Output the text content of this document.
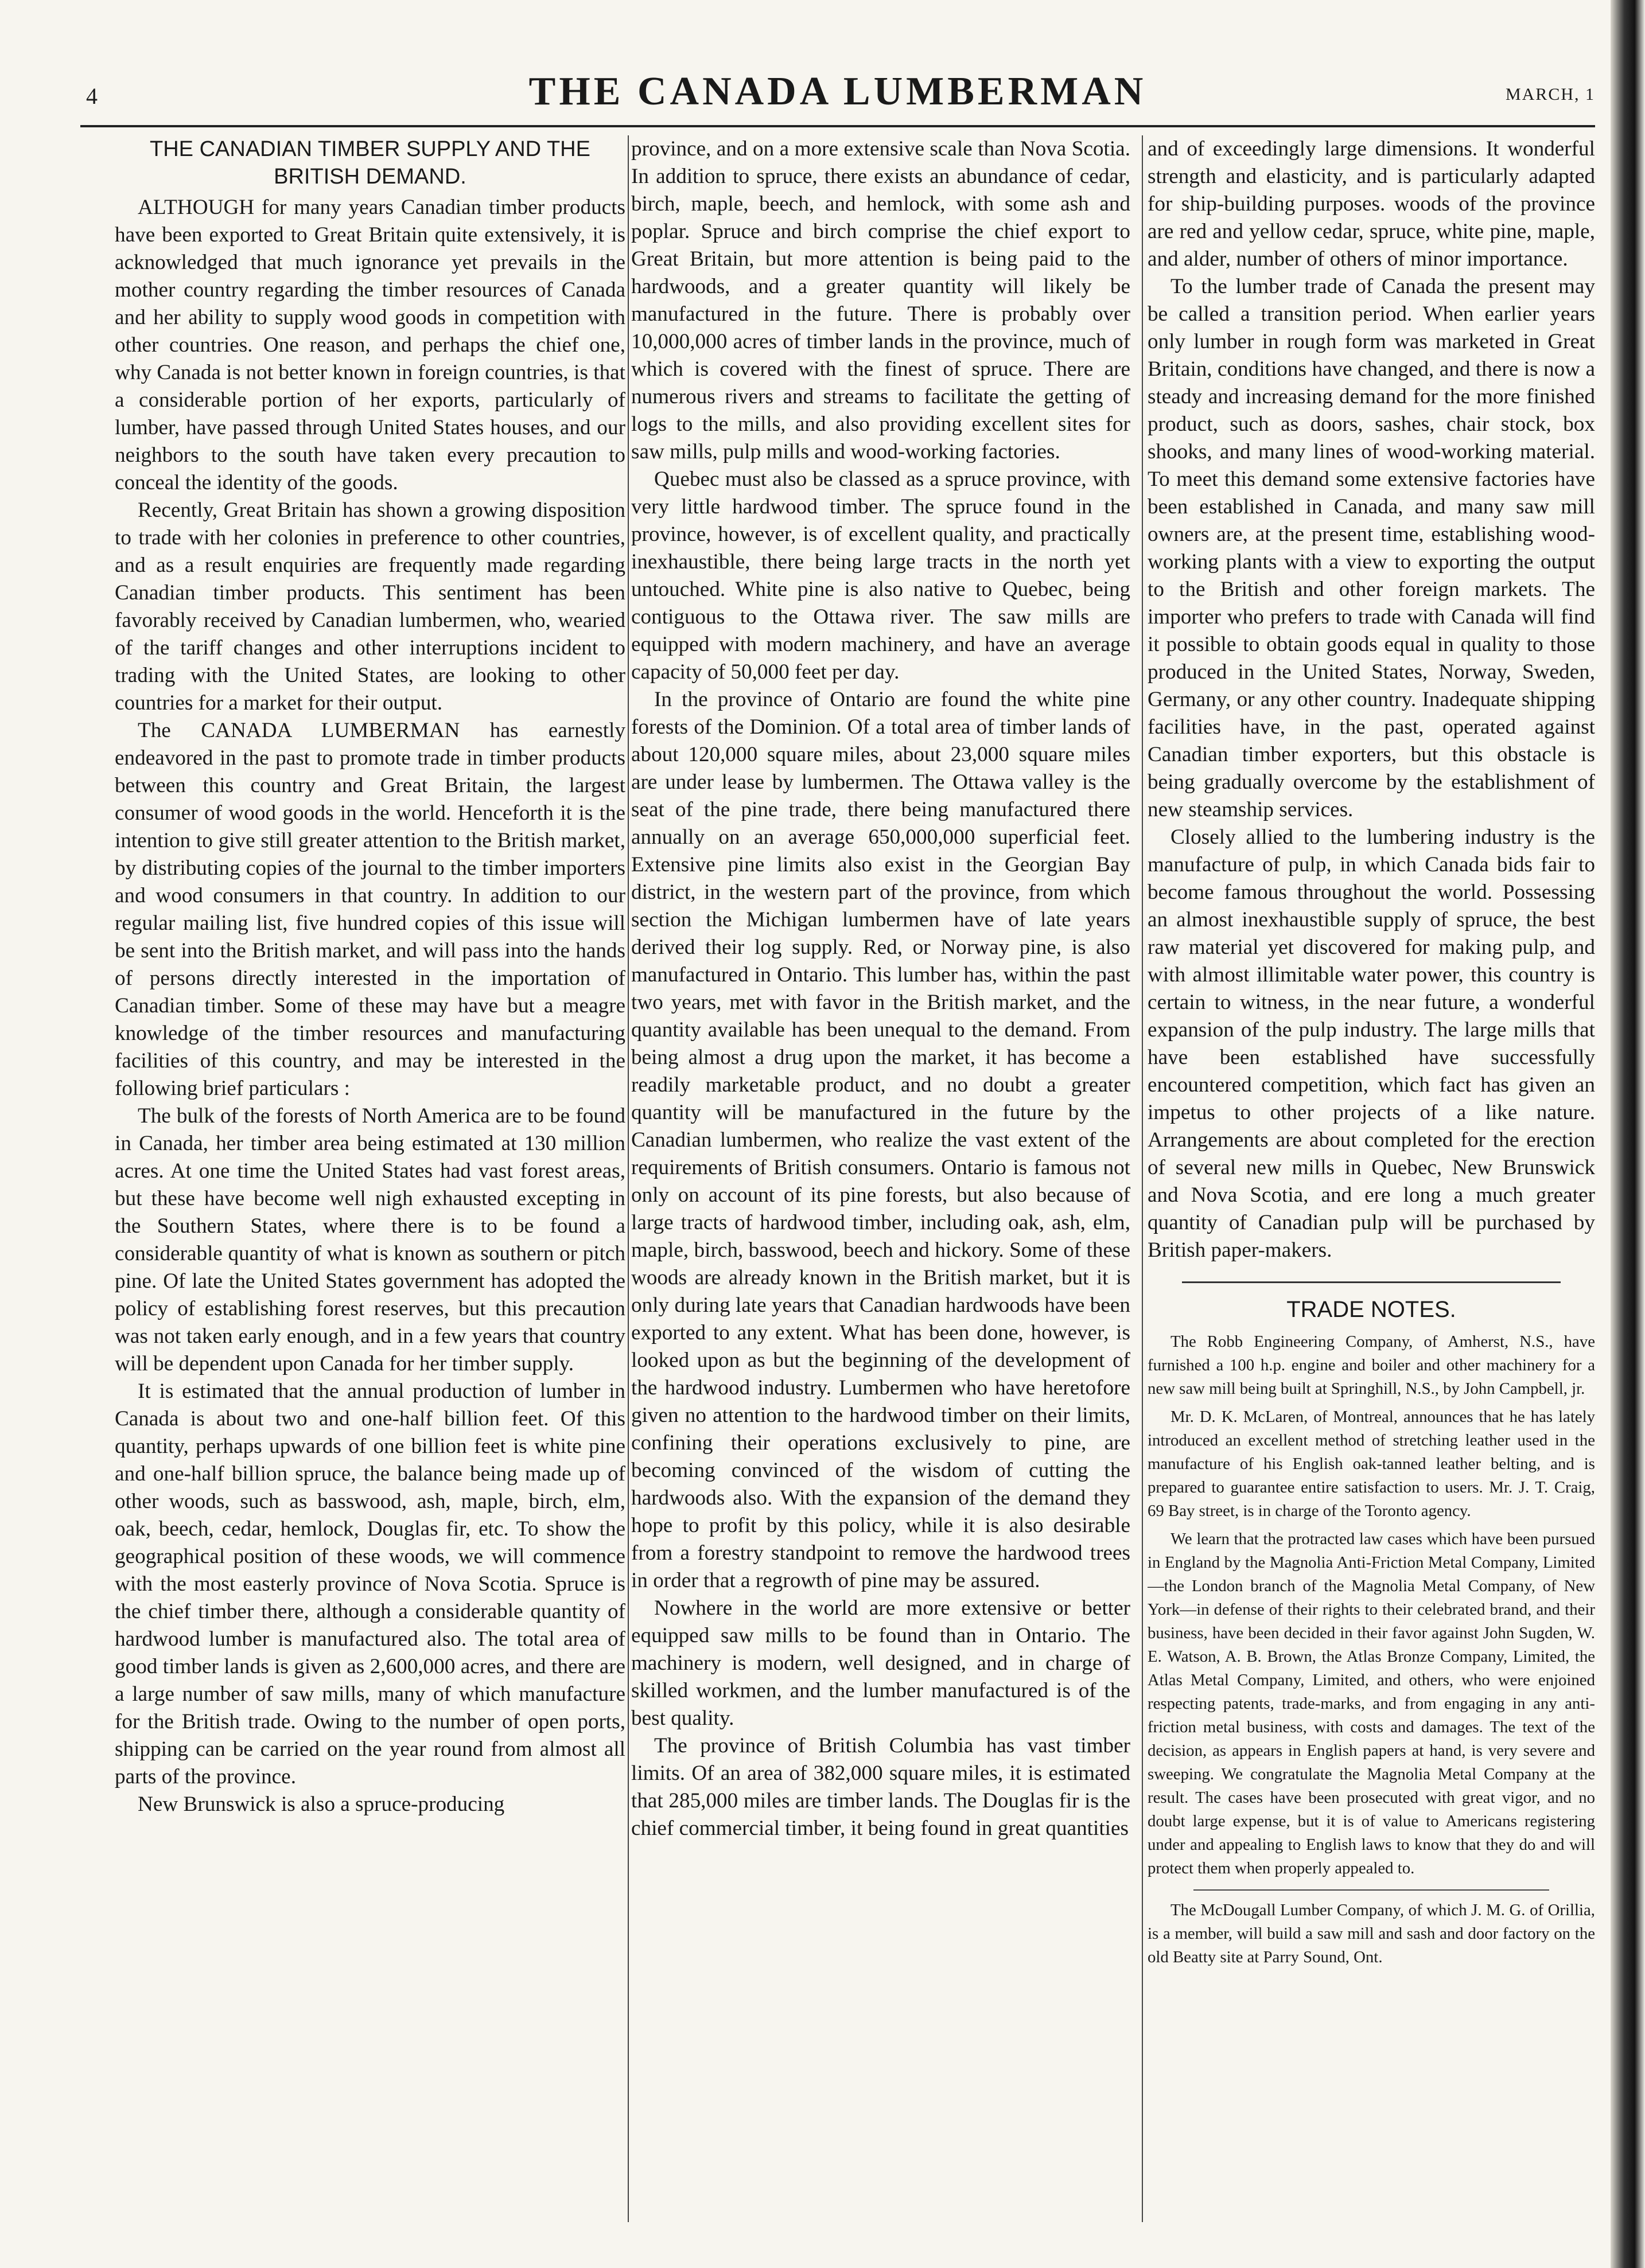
4	THE CANADA LUMBERMAN	MARCH, 1
THE CANADIAN TIMBER SUPPLY AND THE BRITISH DEMAND.

ALTHOUGH for many years Canadian timber products have been exported to Great Britain quite extensively, it is acknowledged that much ignorance yet prevails in the mother country regarding the timber resources of Canada and her ability to supply wood goods in competition with other countries. One reason, and perhaps the chief one, why Canada is not better known in foreign countries, is that a considerable portion of her exports, particularly of lumber, have passed through United States houses, and our neighbors to the south have taken every precaution to conceal the identity of the goods.

Recently, Great Britain has shown a growing disposition to trade with her colonies in preference to other countries, and as a result enquiries are frequently made regarding Canadian timber products. This sentiment has been favorably received by Canadian lumbermen, who, wearied of the tariff changes and other interruptions incident to trading with the United States, are looking to other countries for a market for their output.

The CANADA LUMBERMAN has earnestly endeavored in the past to promote trade in timber products between this country and Great Britain, the largest consumer of wood goods in the world. Henceforth it is the intention to give still greater attention to the British market, by distributing copies of the journal to the timber importers and wood consumers in that country. In addition to our regular mailing list, five hundred copies of this issue will be sent into the British market, and will pass into the hands of persons directly interested in the importation of Canadian timber. Some of these may have but a meagre knowledge of the timber resources and manufacturing facilities of this country, and may be interested in the following brief particulars :

The bulk of the forests of North America are to be found in Canada, her timber area being estimated at 130 million acres. At one time the United States had vast forest areas, but these have become well nigh exhausted excepting in the Southern States, where there is to be found a considerable quantity of what is known as southern or pitch pine. Of late the United States government has adopted the policy of establishing forest reserves, but this precaution was not taken early enough, and in a few years that country will be dependent upon Canada for her timber supply.

It is estimated that the annual production of lumber in Canada is about two and one-half billion feet. Of this quantity, perhaps upwards of one billion feet is white pine and one-half billion spruce, the balance being made up of other woods, such as basswood, ash, maple, birch, elm, oak, beech, cedar, hemlock, Douglas fir, etc. To show the geographical position of these woods, we will commence with the most easterly province of Nova Scotia. Spruce is the chief timber there, although a considerable quantity of hardwood lumber is manufactured also. The total area of good timber lands is given as 2,600,000 acres, and there are a large number of saw mills, many of which manufacture for the British trade. Owing to the number of open ports, shipping can be carried on the year round from almost all parts of the province.

New Brunswick is also a spruce-producing

province, and on a more extensive scale than Nova Scotia. In addition to spruce, there exists an abundance of cedar, birch, maple, beech, and hemlock, with some ash and poplar. Spruce and birch comprise the chief export to Great Britain, but more attention is being paid to the hardwoods, and a greater quantity will likely be manufactured in the future. There is probably over 10,000,000 acres of timber lands in the province, much of which is covered with the finest of spruce. There are numerous rivers and streams to facilitate the getting of logs to the mills, and also providing excellent sites for saw mills, pulp mills and wood-working factories.

Quebec must also be classed as a spruce province, with very little hardwood timber. The spruce found in the province, however, is of excellent quality, and practically inexhaustible, there being large tracts in the north yet untouched. White pine is also native to Quebec, being contiguous to the Ottawa river. The saw mills are equipped with modern machinery, and have an average capacity of 50,000 feet per day.

In the province of Ontario are found the white pine forests of the Dominion. Of a total area of timber lands of about 120,000 square miles, about 23,000 square miles are under lease by lumbermen. The Ottawa valley is the seat of the pine trade, there being manufactured there annually on an average 650,000,000 superficial feet. Extensive pine limits also exist in the Georgian Bay district, in the western part of the province, from which section the Michigan lumbermen have of late years derived their log supply. Red, or Norway pine, is also manufactured in Ontario. This lumber has, within the past two years, met with favor in the British market, and the quantity available has been unequal to the demand. From being almost a drug upon the market, it has become a readily marketable product, and no doubt a greater quantity will be manufactured in the future by the Canadian lumbermen, who realize the vast extent of the requirements of British consumers. Ontario is famous not only on account of its pine forests, but also because of large tracts of hardwood timber, including oak, ash, elm, maple, birch, basswood, beech and hickory. Some of these woods are already known in the British market, but it is only during late years that Canadian hardwoods have been exported to any extent. What has been done, however, is looked upon as but the beginning of the development of the hardwood industry. Lumbermen who have heretofore given no attention to the hardwood timber on their limits, confining their operations exclusively to pine, are becoming convinced of the wisdom of cutting the hardwoods also. With the expansion of the demand they hope to profit by this policy, while it is also desirable from a forestry standpoint to remove the hardwood trees in order that a regrowth of pine may be assured.

Nowhere in the world are more extensive or better equipped saw mills to be found than in Ontario. The machinery is modern, well designed, and in charge of skilled workmen, and the lumber manufactured is of the best quality.

The province of British Columbia has vast timber limits. Of an area of 382,000 square miles, it is estimated that 285,000 miles are timber lands. The Douglas fir is the chief commercial timber, it being found in great quantities

and of exceedingly large dimensions. It wonderful strength and elasticity, and is particularly adapted for ship-building purposes. woods of the province are red and yellow cedar, spruce, white pine, maple, and alder, number of others of minor importance.

To the lumber trade of Canada the present may be called a transition period. When earlier years only lumber in rough form was marketed in Great Britain, conditions have changed, and there is now a steady and increasing demand for the more finished product, such as doors, sashes, chair stock, box shooks, and many lines of wood-working material. To meet this demand some extensive factories have been established in Canada, and many saw mill owners are, at the present time, establishing wood-working plants with a view to exporting the output to the British and other foreign markets. The importer who prefers to trade with Canada will find it possible to obtain goods equal in quality to those produced in the United States, Norway, Sweden, Germany, or any other country. Inadequate shipping facilities have, in the past, operated against Canadian timber exporters, but this obstacle is being gradually overcome by the establishment of new steamship services.

Closely allied to the lumbering industry is the manufacture of pulp, in which Canada bids fair to become famous throughout the world. Possessing an almost inexhaustible supply of spruce, the best raw material yet discovered for making pulp, and with almost illimitable water power, this country is certain to witness, in the near future, a wonderful expansion of the pulp industry. The large mills that have been established have successfully encountered competition, which fact has given an impetus to other projects of a like nature. Arrangements are about completed for the erection of several new mills in Quebec, New Brunswick and Nova Scotia, and ere long a much greater quantity of Canadian pulp will be purchased by British paper-makers.

TRADE NOTES.

The Robb Engineering Company, of Amherst, N.S., have furnished a 100 h.p. engine and boiler and other machinery for a new saw mill being built at Springhill, N.S., by John Campbell, jr.

Mr. D. K. McLaren, of Montreal, announces that he has lately introduced an excellent method of stretching leather used in the manufacture of his English oak-tanned leather belting, and is prepared to guarantee entire satisfaction to users. Mr. J. T. Craig, 69 Bay street, is in charge of the Toronto agency.

We learn that the protracted law cases which have been pursued in England by the Magnolia Anti-Friction Metal Company, Limited—the London branch of the Magnolia Metal Company, of New York—in defense of their rights to their celebrated brand, and their business, have been decided in their favor against John Sugden, W. E. Watson, A. B. Brown, the Atlas Bronze Company, Limited, the Atlas Metal Company, Limited, and others, who were enjoined respecting patents, trade-marks, and from engaging in any anti-friction metal business, with costs and damages. The text of the decision, as appears in English papers at hand, is very severe and sweeping. We congratulate the Magnolia Metal Company at the result. The cases have been prosecuted with great vigor, and no doubt large expense, but it is of value to Americans registering under and appealing to English laws to know that they do and will protect them when properly appealed to.

The McDougall Lumber Company, of which J. M. G. of Orillia, is a member, will build a saw mill and sash and door factory on the old Beatty site at Parry Sound, Ont.
